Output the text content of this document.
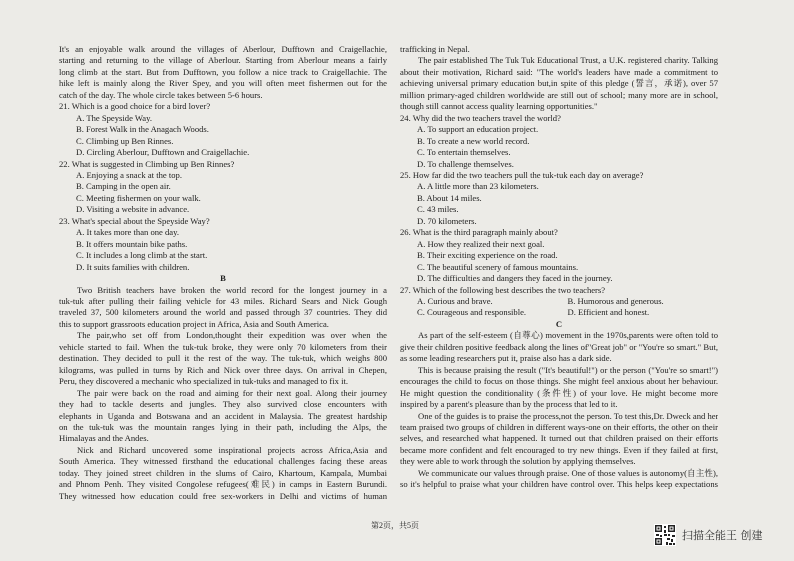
It's an enjoyable walk around the villages of Aberlour, Dufftown and Craigellachie,
starting and returning to the village of Aberlour. Starting from Aberlour means a fairly
long climb at the start. But from Dufftown, you follow a nice track to Craigellachie. The
hike left is mainly along the River Spey, and you will often meet fishermen out for the
catch of the day. The whole circle takes between 5-6 hours.
21. Which is a good choice for a bird lover?
A. The Speyside Way.
B. Forest Walk in the Anagach Woods.
C. Climbing up Ben Rinnes.
D. Circling Aberlour, Dufftown and Craigellachie.
22. What is suggested in Climbing up Ben Rinnes?
A. Enjoying a snack at the top.
B. Camping in the open air.
C. Meeting fishermen on your walk.
D. Visiting a website in advance.
23. What's special about the Speyside Way?
A. It takes more than one day.
B. It offers mountain bike paths.
C. It includes a long climb at the start.
D. It suits families with children.
B
Two British teachers have broken the world record for the longest journey in a
tuk-tuk after pulling their failing vehicle for 43 miles. Richard Sears and Nick Gough
traveled 37, 500 kilometers around the world and passed through 37 countries. They did
this to support grassroots education project in Africa, Asia and South America.
The pair,who set off from London,thought their expedition was over when the
vehicle started to fail. When the tuk-tuk broke, they were only 70 kilometers from their
destination. They decided to pull it the rest of the way. The tuk-tuk, which weighs 800
kilograms, was pulled in turns by Rich and Nick over three days. On arrival in Chepen,
Peru, they discovered a mechanic who specialized in tuk-tuks and managed to fix it.
The pair were back on the road and aiming for their next goal. Along their journey
they had to tackle deserts and jungles. They also survived close encounters with
elephants in Uganda and Botswana and an accident in Malaysia. The greatest hardship
on the tuk-tuk was the mountain ranges lying in their path, including the Alps, the
Himalayas and the Andes.
Nick and Richard uncovered some inspirational projects across Africa,Asia and
South America. They witnessed firsthand the educational challenges facing these areas
today. They joined street children in the slums of Cairo, Khartoum, Kampala, Mumbai
and Phnom Penh. They visited Congolese refugees(难民) in camps in Eastern Burundi.
They witnessed how education could free sex-workers in Delhi and victims of human
trafficking in Nepal.
The pair established The Tuk Tuk Educational Trust, a U.K. registered charity. Talking
about their motivation, Richard said: "The world's leaders have made a commitment to
achieving universal primary education but,in spite of this pledge (誓言，承诺), over 57
million primary-aged children worldwide are still out of school; many more are in school,
though still cannot access quality learning opportunities."
24. Why did the two teachers travel the world?
A. To support an education project.
B. To create a new world record.
C. To entertain themselves.
D. To challenge themselves.
25. How far did the two teachers pull the tuk-tuk each day on average?
A. A little more than 23 kilometers.
B. About 14 miles.
C. 43 miles.
D. 70 kilometers.
26. What is the third paragraph mainly about?
A. How they realized their next goal.
B. Their exciting experience on the road.
C. The beautiful scenery of famous mountains.
D. The difficulties and dangers they faced in the journey.
27. Which of the following best describes the two teachers?
A. Curious and brave.	B. Humorous and generous.
C. Courageous and responsible.	D. Efficient and honest.
C
As part of the self-esteem (自尊心) movement in the 1970s,parents were often told to
give their children positive feedback along the lines of"Great job" or "You're so smart." But,
as some leading researchers put it, praise also has a dark side.
This is because praising the result ("It's beautiful!") or the person ("You're so smart!")
encourages the child to focus on those things. She might feel anxious about her behaviour.
He might question the conditionality (条件性) of your love. He might become more
inspired by a parent's pleasure than by the process that led to it.
One of the guides is to praise the process,not the person. To test this,Dr. Dweck and her
team praised two groups of children in different ways-one on their efforts, the other on their
selves, and researched what happened. It turned out that children praised on their efforts
became more confident and felt encouraged to try new things. Even if they failed at first,
they were able to work through the solution by applying themselves.
We communicate our values through praise. One of those values is autonomy(自主性),
so it's helpful to praise what your children have control over. This helps keep expectations
第2页，共5页
扫描全能王 创建
